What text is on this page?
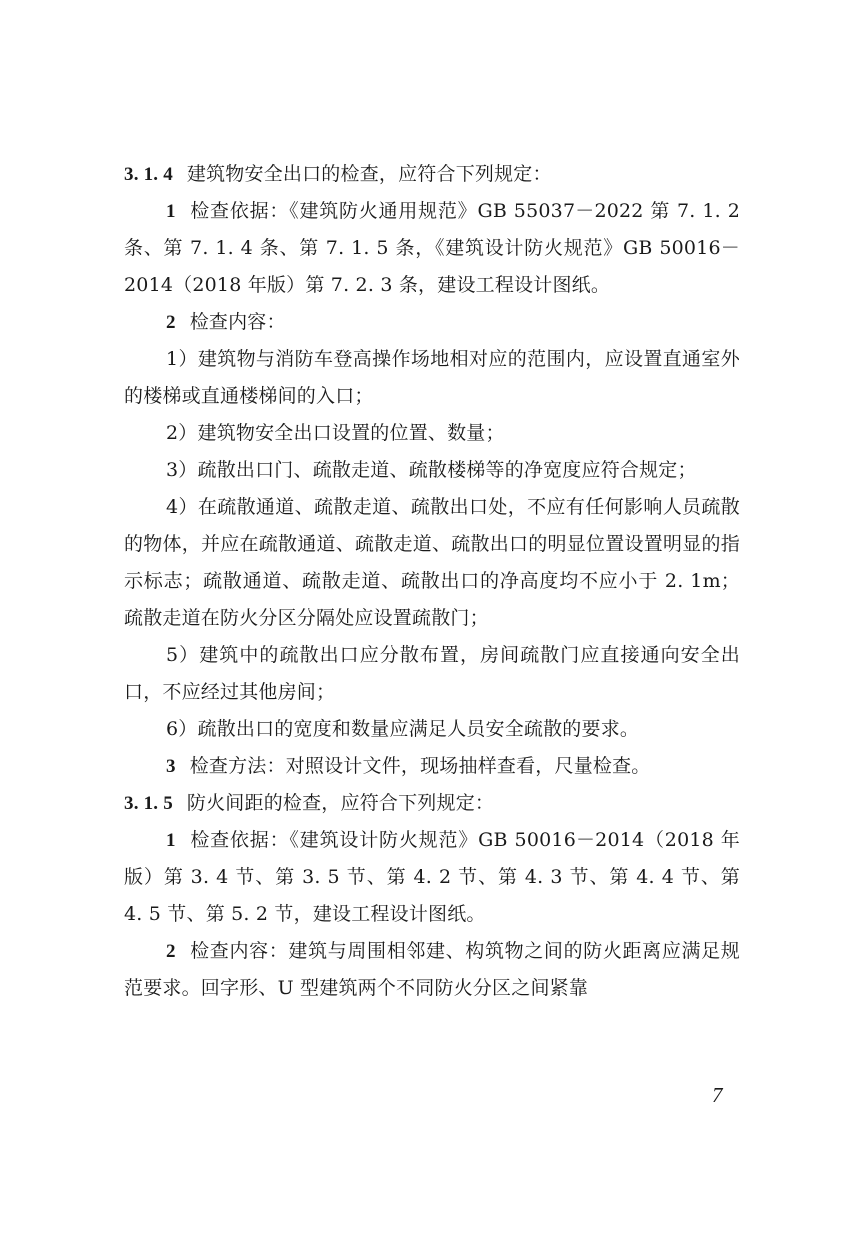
3. 1. 4 建筑物安全出口的检查，应符合下列规定：

1 检查依据：《建筑防火通用规范》GB 55037－2022 第 7. 1. 2 条、第 7. 1. 4 条、第 7. 1. 5 条，《建筑设计防火规范》GB 50016－2014（2018 年版）第 7. 2. 3 条，建设工程设计图纸。

2 检查内容：

1）建筑物与消防车登高操作场地相对应的范围内，应设置直通室外的楼梯或直通楼梯间的入口；

2）建筑物安全出口设置的位置、数量；

3）疏散出口门、疏散走道、疏散楼梯等的净宽度应符合规定；

4）在疏散通道、疏散走道、疏散出口处，不应有任何影响人员疏散的物体，并应在疏散通道、疏散走道、疏散出口的明显位置设置明显的指示标志；疏散通道、疏散走道、疏散出口的净高度均不应小于 2. 1m；疏散走道在防火分区分隔处应设置疏散门；

5）建筑中的疏散出口应分散布置，房间疏散门应直接通向安全出口，不应经过其他房间；

6）疏散出口的宽度和数量应满足人员安全疏散的要求。

3 检查方法：对照设计文件，现场抽样查看，尺量检查。

3. 1. 5 防火间距的检查，应符合下列规定：

1 检查依据：《建筑设计防火规范》GB 50016－2014（2018 年版）第 3. 4 节、第 3. 5 节、第 4. 2 节、第 4. 3 节、第 4. 4 节、第 4. 5 节、第 5. 2 节，建设工程设计图纸。

2 检查内容：建筑与周围相邻建、构筑物之间的防火距离应满足规范要求。回字形、U 型建筑两个不同防火分区之间紧靠

7
